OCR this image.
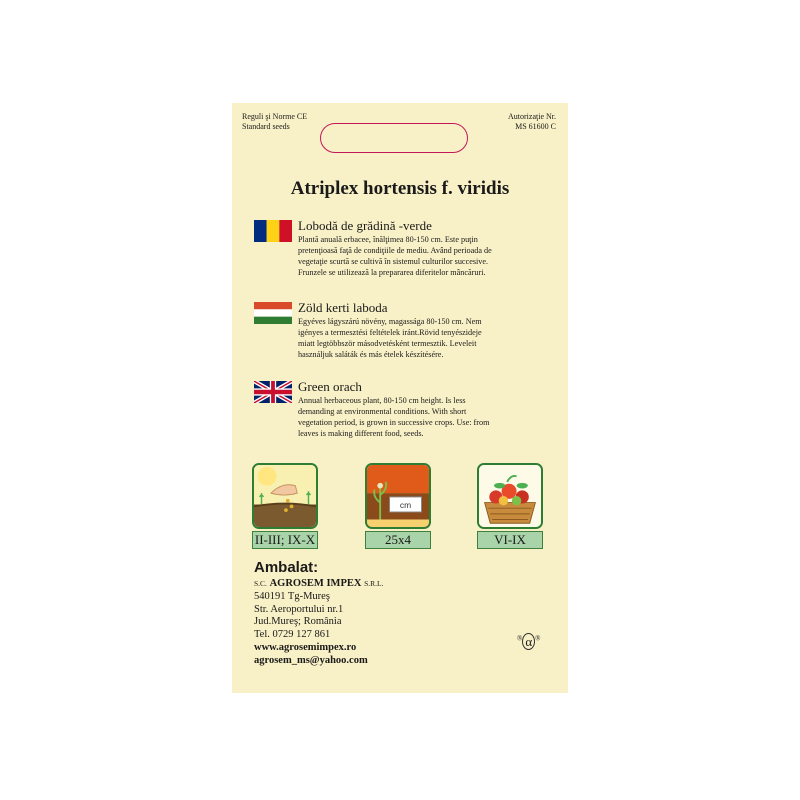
Reguli şi Norme CE
Standard seeds
Autorizaţie Nr.
MS 61600 C
Atriplex hortensis f. viridis
Lobodă de grădină -verde
Plantă anuală erbacee, înălţimea 80-150 cm. Este puţin
pretenţioasă faţă de condiţiile de mediu. Având perioada de
vegetaţie scurtă se cultivă în sistemul culturilor succesive.
Frunzele se utilizează la prepararea diferitelor mâncăruri.
Zöld kerti laboda
Egyéves lágyszárú növény, magassága 80-150 cm. Nem
igényes a termesztési feltételek iránt.Rövid tenyészidеje
miatt legtöbbször másodvetésként termesztik. Leveleit
használjuk saláták és más ételek készítésére.
Green orach
Annual herbaceous plant, 80-150 cm height. Is less
demanding at environmental conditions. With short
vegetation period, is grown in successive crops. Use: from
leaves is making different food, seeds.
II-III; IX-X
cm
25x4	VI-IX
Ambalat:
S.C. AGROSEM IMPEX S.R.L.
540191 Tg-Mureş
Str. Aeroportului nr.1
Jud.Mureş; România
Tel. 0729 127 861
www.agrosemimpex.ro
agrosem_ms@yahoo.com
® α ®
